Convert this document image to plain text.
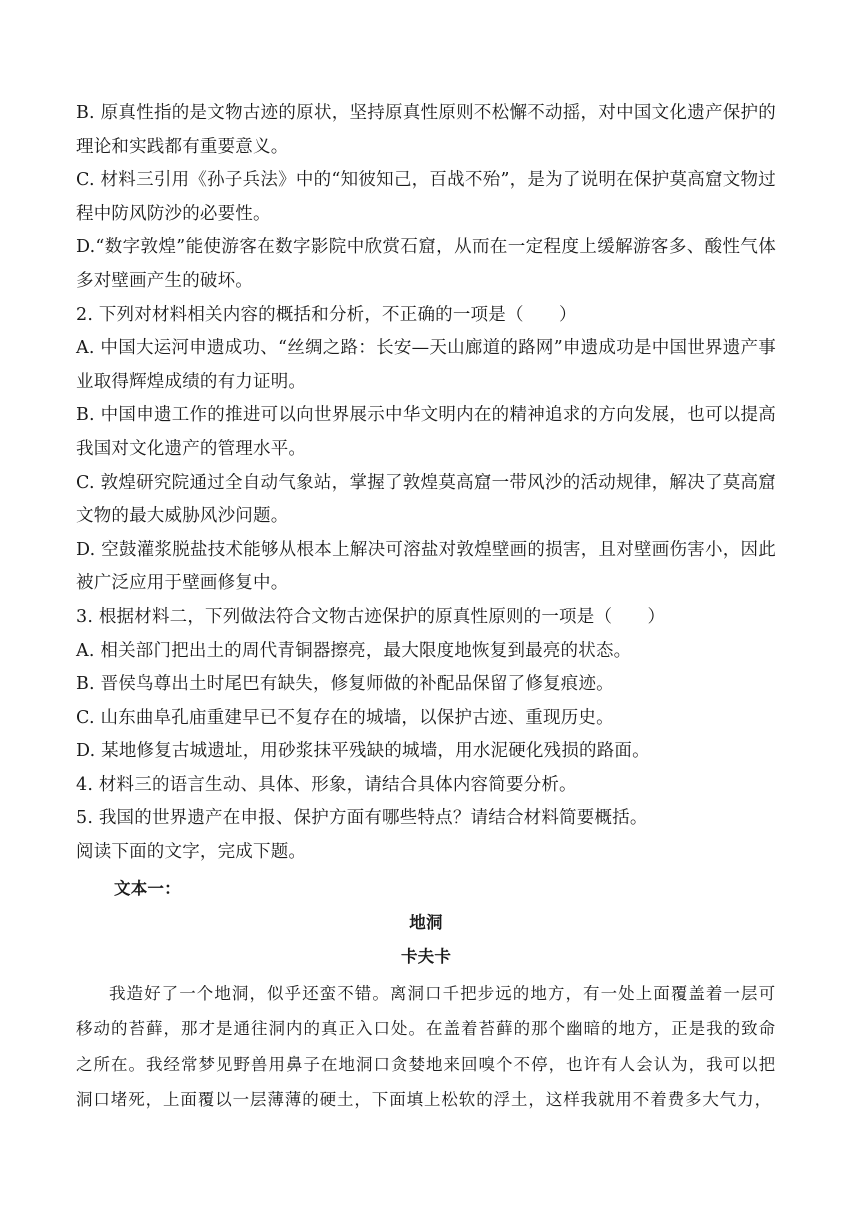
B. 原真性指的是文物古迹的原状，坚持原真性原则不松懈不动摇，对中国文化遗产保护的理论和实践都有重要意义。

C. 材料三引用《孙子兵法》中的“知彼知己，百战不殆”，是为了说明在保护莫高窟文物过程中防风防沙的必要性。

D.“数字敦煌”能使游客在数字影院中欣赏石窟，从而在一定程度上缓解游客多、酸性气体多对壁画产生的破坏。

2. 下列对材料相关内容的概括和分析，不正确的一项是（　　）

A. 中国大运河申遗成功、“丝绸之路：长安—天山廊道的路网”申遗成功是中国世界遗产事业取得辉煌成绩的有力证明。

B. 中国申遗工作的推进可以向世界展示中华文明内在的精神追求的方向发展，也可以提高我国对文化遗产的管理水平。

C. 敦煌研究院通过全自动气象站，掌握了敦煌莫高窟一带风沙的活动规律，解决了莫高窟文物的最大威胁风沙问题。

D. 空鼓灌浆脱盐技术能够从根本上解决可溶盐对敦煌壁画的损害，且对壁画伤害小，因此被广泛应用于壁画修复中。

3. 根据材料二，下列做法符合文物古迹保护的原真性原则的一项是（　　）

A. 相关部门把出土的周代青铜器擦亮，最大限度地恢复到最亮的状态。

B. 晋侯鸟尊出土时尾巴有缺失，修复师做的补配品保留了修复痕迹。

C. 山东曲阜孔庙重建早已不复存在的城墙，以保护古迹、重现历史。

D. 某地修复古城遗址，用砂浆抹平残缺的城墙，用水泥硬化残损的路面。

4. 材料三的语言生动、具体、形象，请结合具体内容简要分析。

5. 我国的世界遗产在申报、保护方面有哪些特点？请结合材料简要概括。

阅读下面的文字，完成下题。

文本一：

地洞

卡夫卡

我造好了一个地洞，似乎还蛮不错。离洞口千把步远的地方，有一处上面覆盖着一层可移动的苔藓，那才是通往洞内的真正入口处。在盖着苔藓的那个幽暗的地方，正是我的致命之所在。我经常梦见野兽用鼻子在地洞口贪婪地来回嗅个不停，也许有人会认为，我可以把洞口堵死，上面覆以一层薄薄的硬土，下面填上松软的浮土，这样我就用不着费多大气力，
